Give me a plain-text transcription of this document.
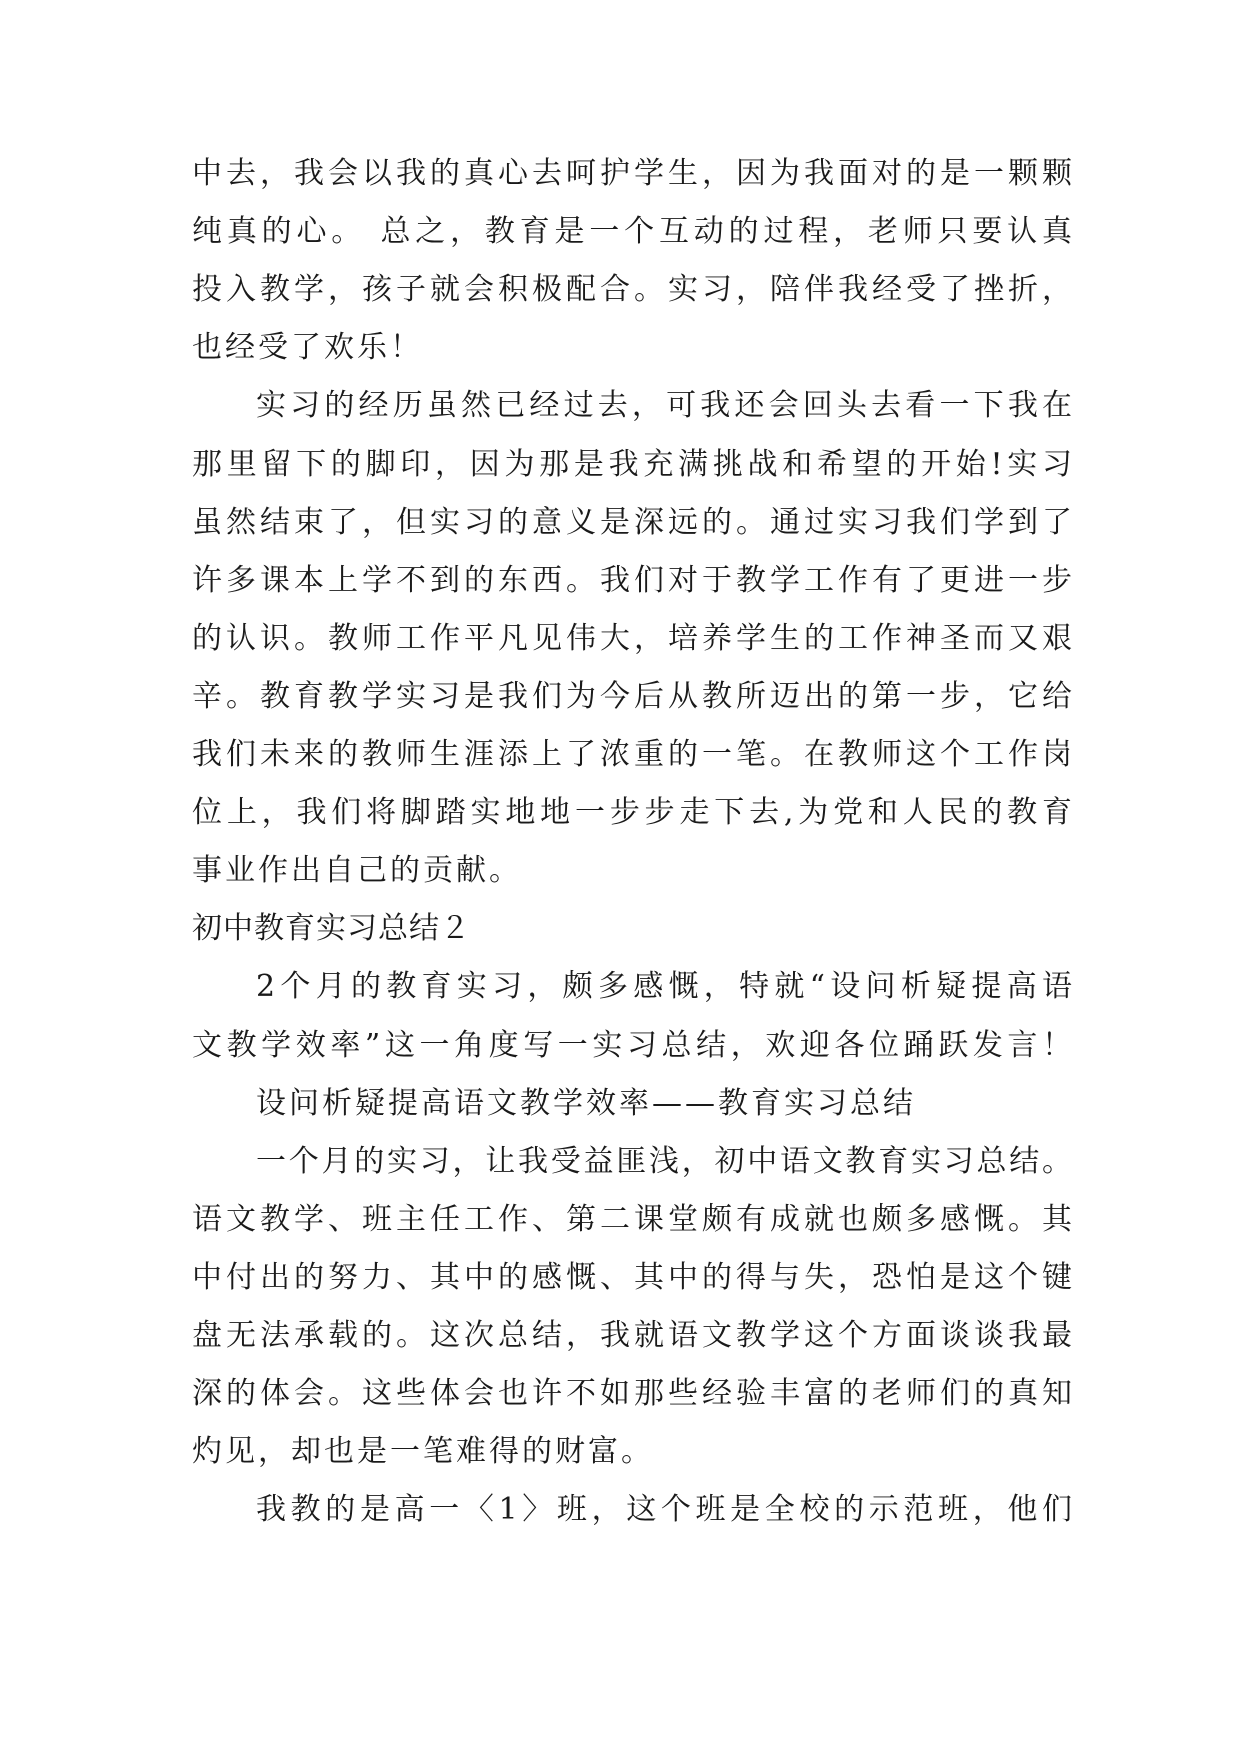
中去，我会以我的真心去呵护学生，因为我面对的是一颗颗
纯真的心。 总之，教育是一个互动的过程，老师只要认真
投入教学，孩子就会积极配合。实习，陪伴我经受了挫折，
也经受了欢乐！
实习的经历虽然已经过去，可我还会回头去看一下我在
那里留下的脚印，因为那是我充满挑战和希望的开始!实习
虽然结束了，但实习的意义是深远的。通过实习我们学到了
许多课本上学不到的东西。我们对于教学工作有了更进一步
的认识。教师工作平凡见伟大，培养学生的工作神圣而又艰
辛。教育教学实习是我们为今后从教所迈出的第一步，它给
我们未来的教师生涯添上了浓重的一笔。在教师这个工作岗
位上，我们将脚踏实地地一步步走下去,为党和人民的教育
事业作出自己的贡献。
初中教育实习总结２
2个月的教育实习，颇多感慨，特就“设问析疑提高语
文教学效率”这一角度写一实习总结，欢迎各位踊跃发言！
设问析疑提高语文教学效率——教育实习总结
一个月的实习，让我受益匪浅，初中语文教育实习总结。
语文教学、班主任工作、第二课堂颇有成就也颇多感慨。其
中付出的努力、其中的感慨、其中的得与失，恐怕是这个键
盘无法承载的。这次总结，我就语文教学这个方面谈谈我最
深的体会。这些体会也许不如那些经验丰富的老师们的真知
灼见，却也是一笔难得的财富。
我教的是高一〈1〉班，这个班是全校的示范班，他们
